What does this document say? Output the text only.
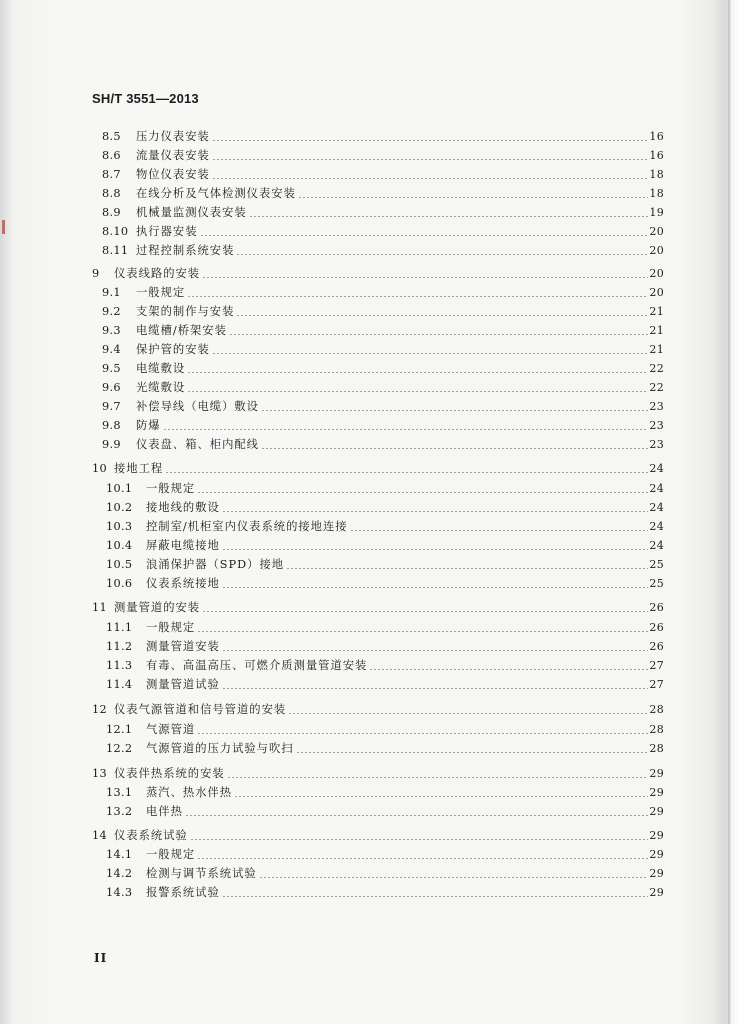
SH/T 3551—2013
8.5	压力仪表安装	16
8.6	流量仪表安装	16
8.7	物位仪表安装	18
8.8	在线分析及气体检测仪表安装	18
8.9	机械量监测仪表安装	19
8.10 执行器安装	20
8.11 过程控制系统安装	20
9	仪表线路的安装	20
9.1	一般规定	20
9.2	支架的制作与安装	21
9.3	电缆槽/桥架安装	21
9.4	保护管的安装	21
9.5	电缆敷设	22
9.6	光缆敷设	22
9.7	补偿导线（电缆）敷设	23
9.8	防爆	23
9.9	仪表盘、箱、柜内配线	23
10 接地工程	24
10.1	一般规定	24
10.2	接地线的敷设	24
10.3	控制室/机柜室内仪表系统的接地连接	24
10.4	屏蔽电缆接地	24
10.5	浪涌保护器（SPD）接地	25
10.6	仪表系统接地	25
11 测量管道的安装	26
11.1	一般规定	26
11.2	测量管道安装	26
11.3	有毒、高温高压、可燃介质测量管道安装	27
11.4	测量管道试验	27
12 仪表气源管道和信号管道的安装	28
12.1	气源管道	28
12.2	气源管道的压力试验与吹扫	28
13 仪表伴热系统的安装	29
13.1	蒸汽、热水伴热	29
13.2	电伴热	29
14 仪表系统试验	29
14.1	一般规定	29
14.2	检测与调节系统试验	29
14.3	报警系统试验	29
II
